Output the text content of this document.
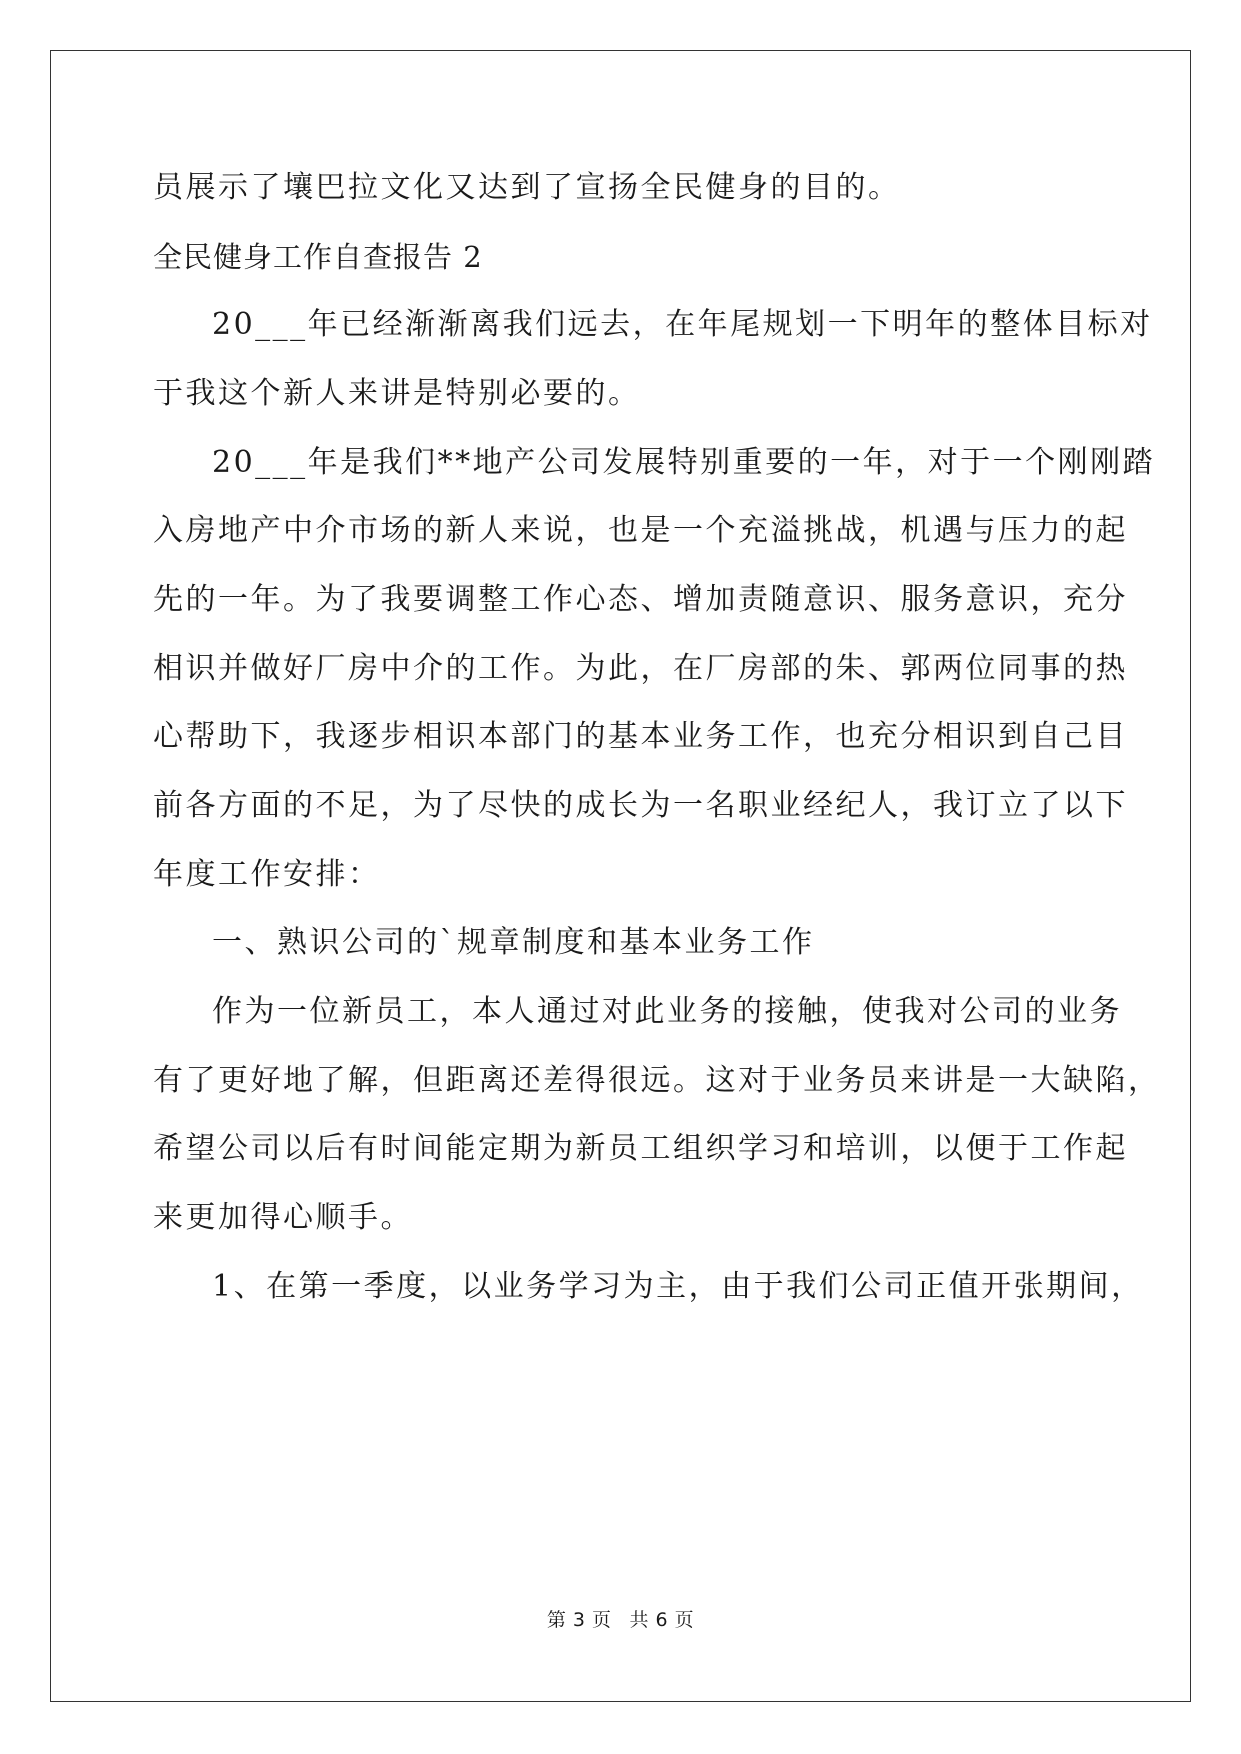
员展示了壤巴拉文化又达到了宣扬全民健身的目的。
全民健身工作自查报告 2
20___年已经渐渐离我们远去，在年尾规划一下明年的整体目标对
于我这个新人来讲是特别必要的。
20___年是我们**地产公司发展特别重要的一年，对于一个刚刚踏
入房地产中介市场的新人来说，也是一个充溢挑战，机遇与压力的起
先的一年。为了我要调整工作心态、增加责随意识、服务意识，充分
相识并做好厂房中介的工作。为此，在厂房部的朱、郭两位同事的热
心帮助下，我逐步相识本部门的基本业务工作，也充分相识到自己目
前各方面的不足，为了尽快的成长为一名职业经纪人，我订立了以下
年度工作安排：
一、熟识公司的`规章制度和基本业务工作
作为一位新员工，本人通过对此业务的接触，使我对公司的业务
有了更好地了解，但距离还差得很远。这对于业务员来讲是一大缺陷，
希望公司以后有时间能定期为新员工组织学习和培训，以便于工作起
来更加得心顺手。
1、在第一季度，以业务学习为主，由于我们公司正值开张期间，
第 3 页 共 6 页
